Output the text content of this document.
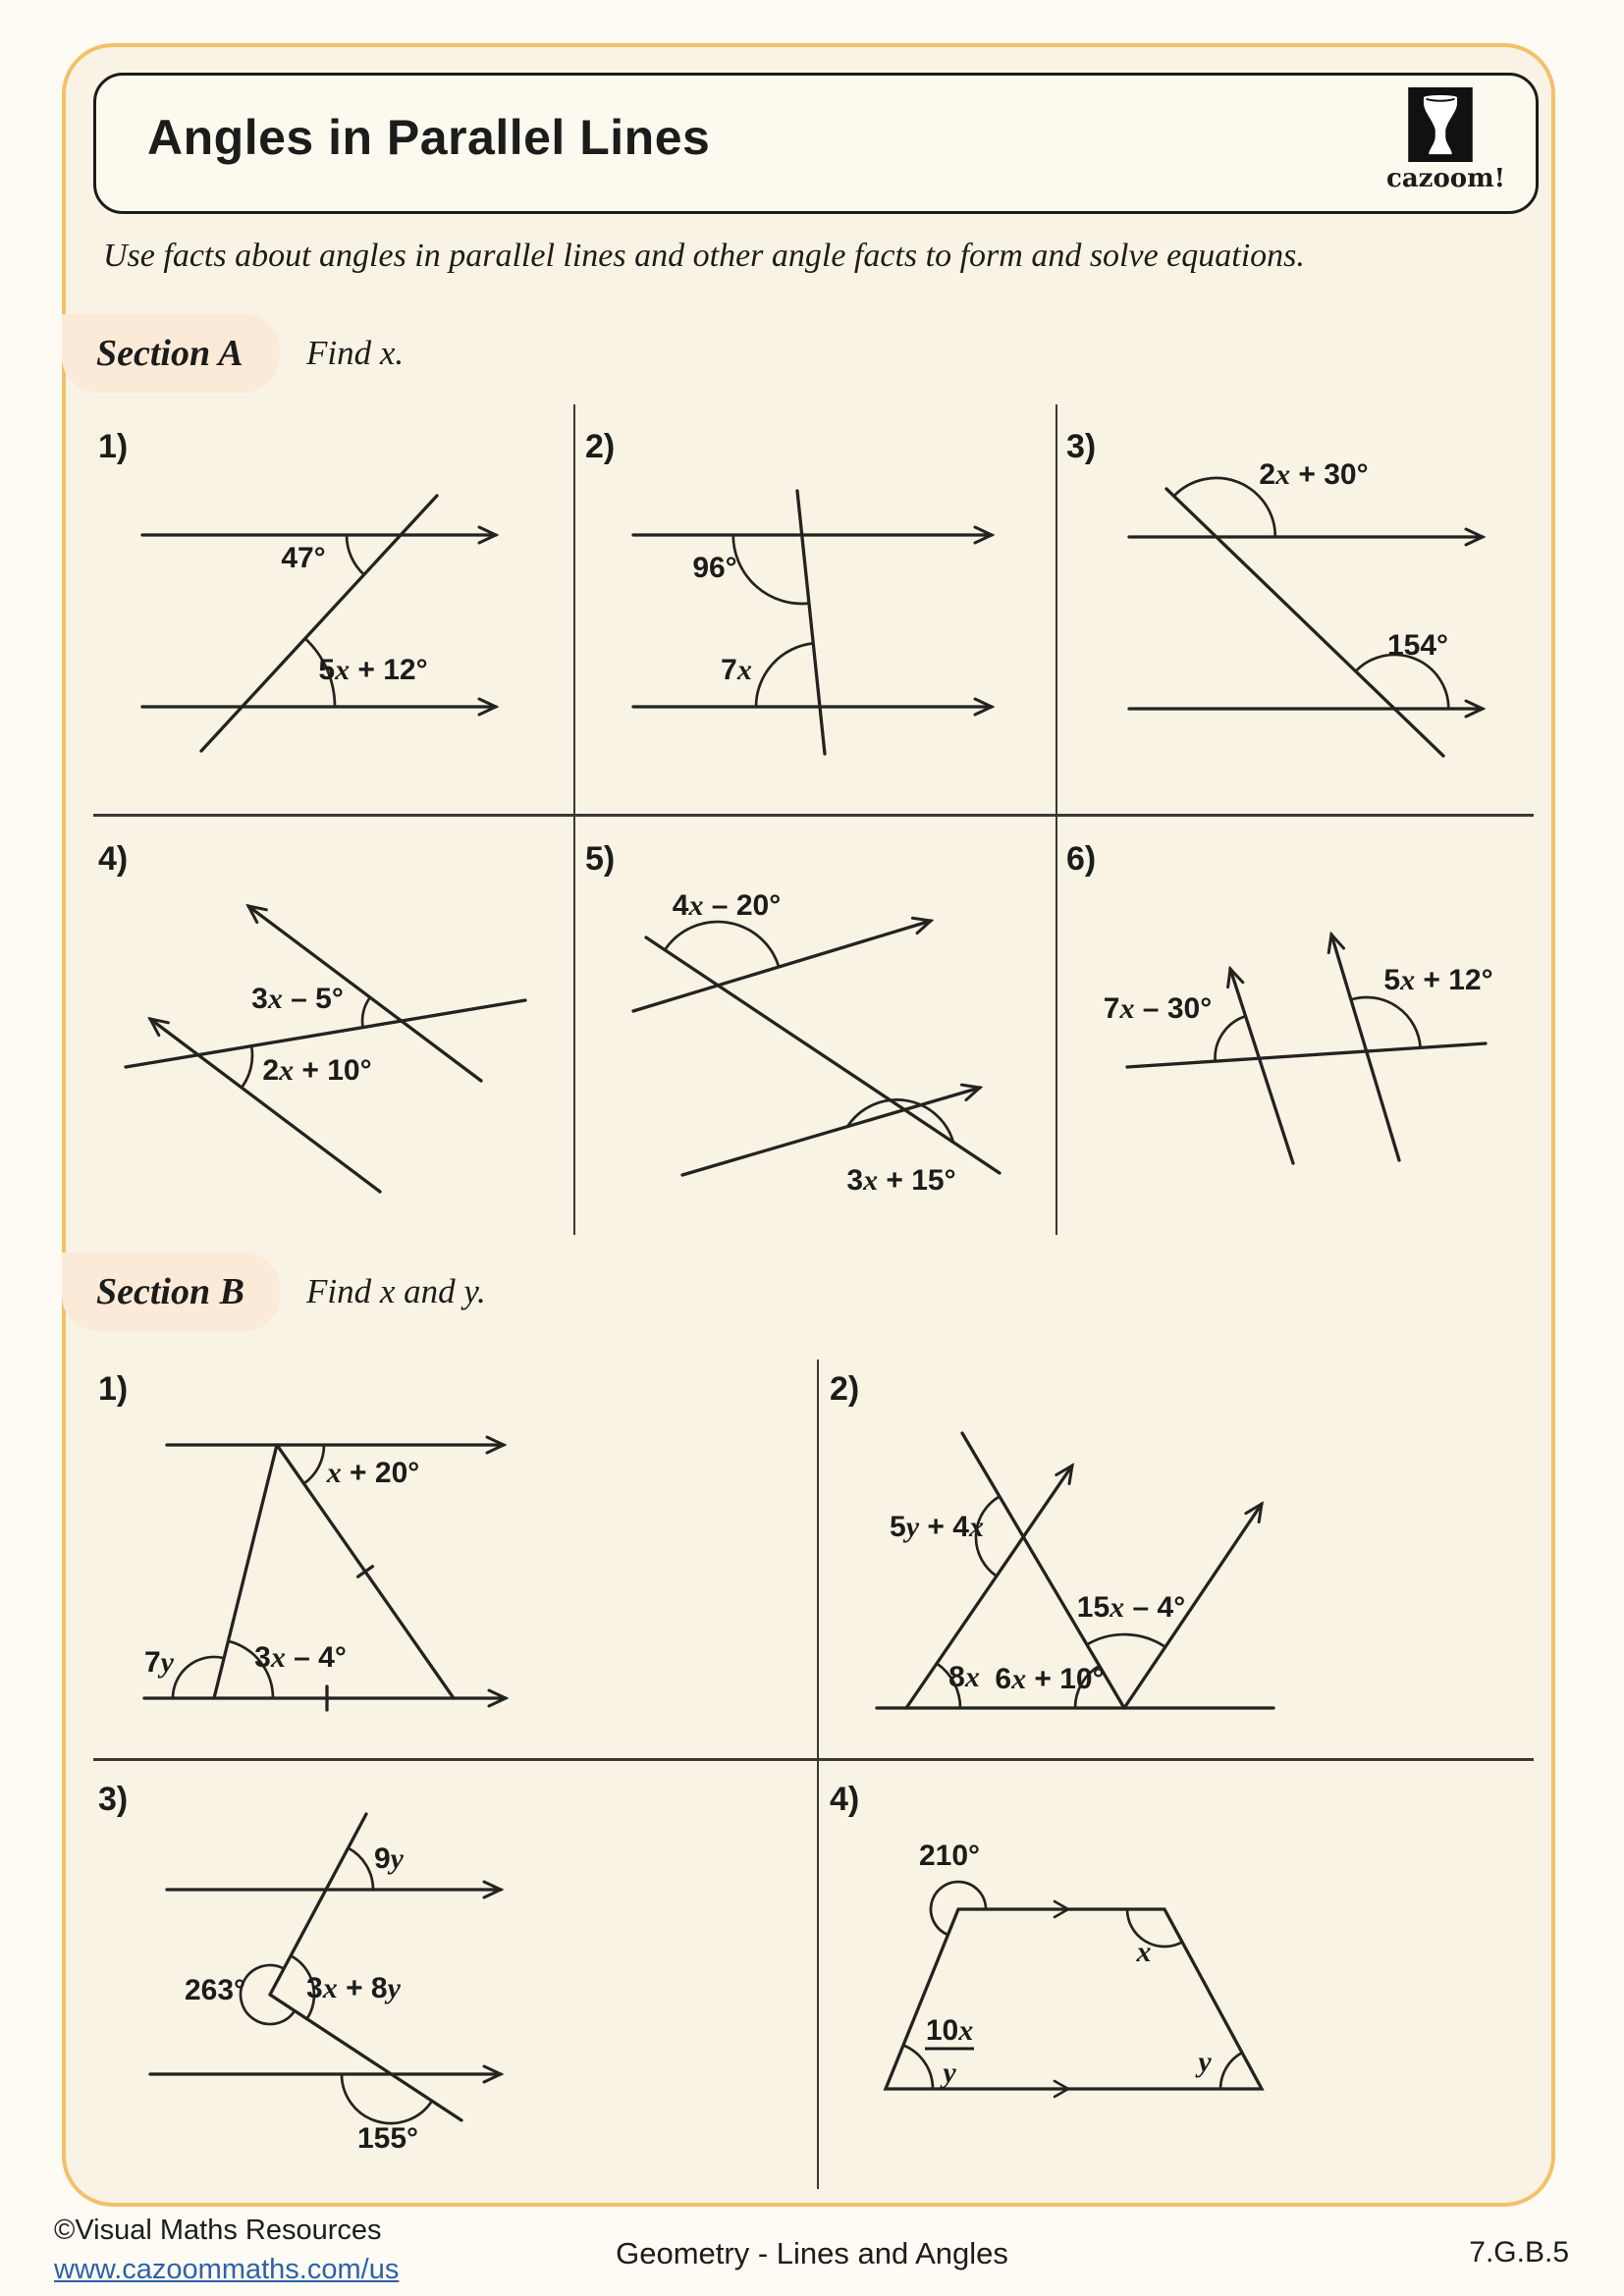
Angles in Parallel Lines
cazoom!
Use facts about angles in parallel lines and other angle facts to form and solve equations.
Section A Find x.
1)	2)	3)
4)	5)	6)
47°
5x + 12°
96°
7x
2x + 30°
154°
3x – 5°
2x + 10°
4x – 20°
3x + 15°
7x – 30°
5x + 12°
Section B Find x and y.
1)	2)
3)	4)
x + 20°
7y	3x – 4°
5y + 4x
15x – 4°
8x 6x + 10°
9y
263° 3x + 8y
155°
210°
x
y
10x
y
©Visual Maths Resources
www.cazoommaths.com/us	Geometry - Lines and Angles	7.G.B.5
